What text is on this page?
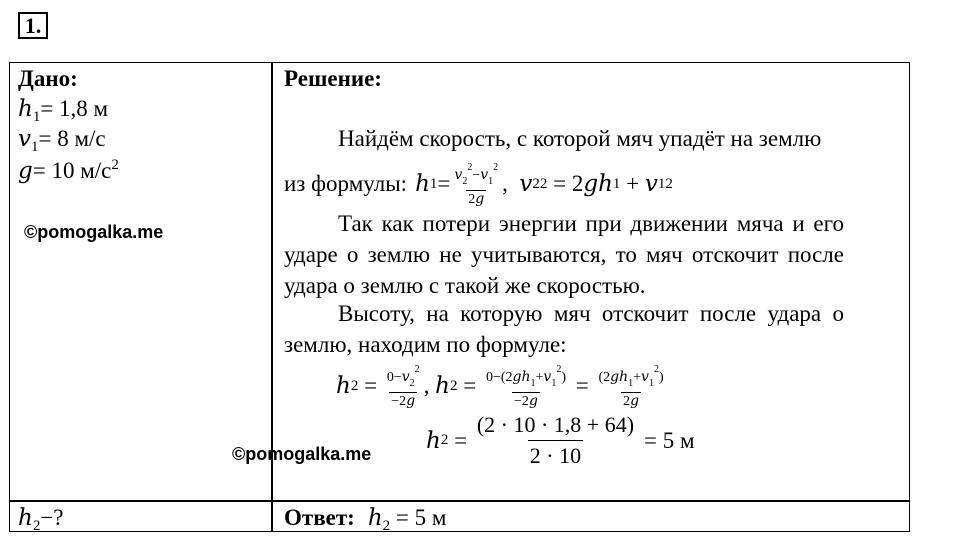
1.
Дано:
$h_1= 1,8$ м
$v_1= 8$ м/с
g= 10 $м/с^2$
©pomogalka.me
©pomogalka.me
Решение:
Найдём скорость, с которой мяч упадёт на землю
из формулы: h $1 = \frac{v_2^2-v_1^2}{2g}$ , v 2 2 = 2 gh 1 + v 1 2
Так как потери энергии при движении мяча и его ударе о землю не учитываются, то мяч отскочит после удара о землю с такой же скоростью.
Высоту, на которую мяч отскочит после удара о землю, находим по формуле:
h $2 = \frac{0-v_2^2}{-2g}$ , h $2 = \frac{0-(2gh_1+v_1^2)}{-2g} = \frac{(2gh_1+v_1^2)}{2g}$
h $2 = \frac{(2 \cdot 10 \cdot 1,8 + 64)}{2 \cdot 10} = 5$ м
$h_2-$?	Ответ:  $h_2 = 5$ м
